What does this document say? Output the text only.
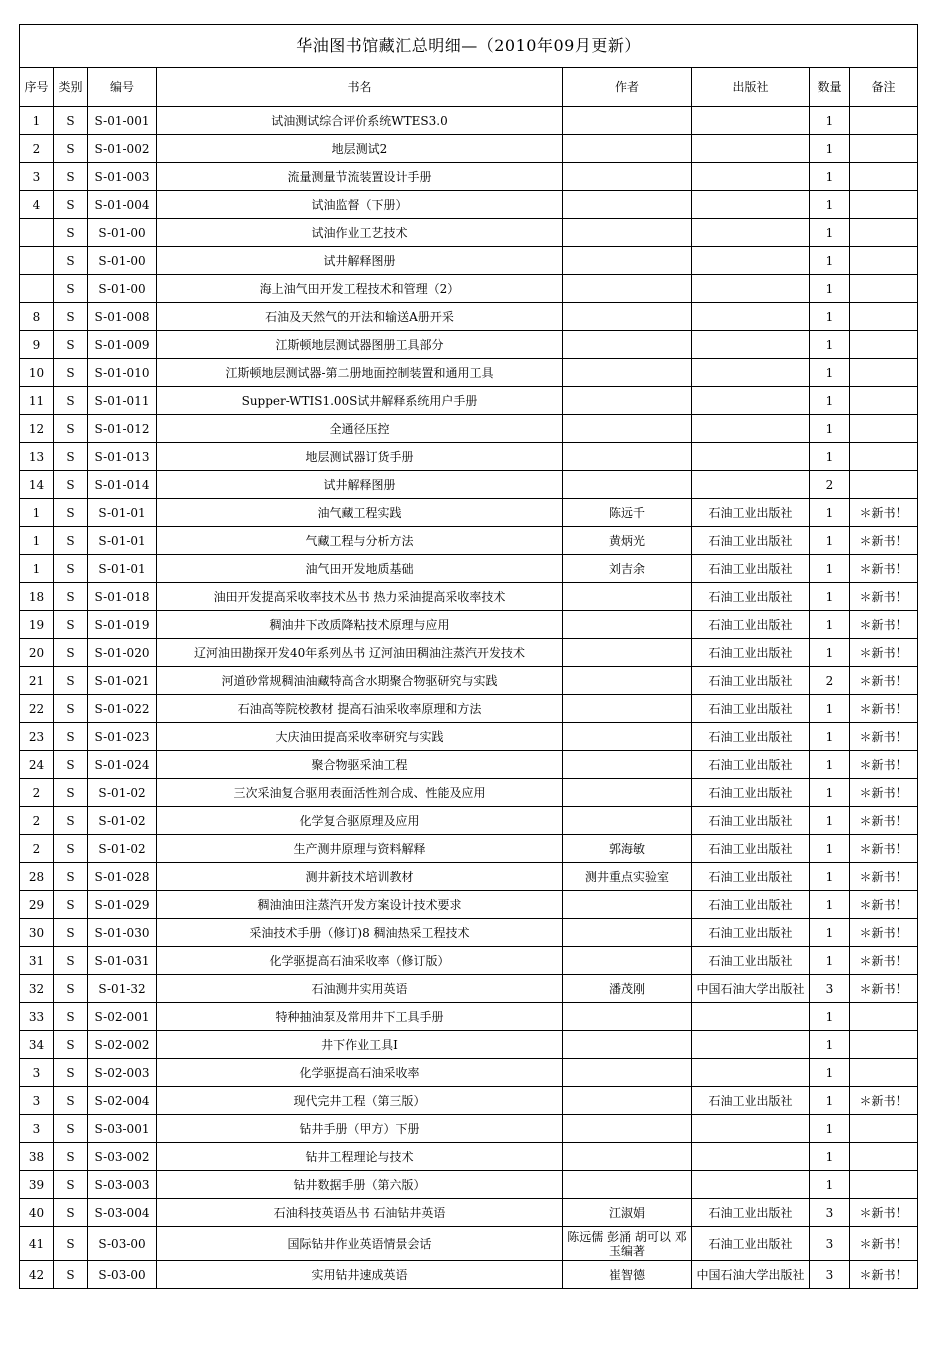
华油图书馆藏汇总明细—（2010年09月更新）							
序号	类别	编号	书名	作者	出版社	数量	备注
1	S	S-01-001	试油测试综合评价系统WTES3.0			1	
2	S	S-01-002	地层测试2			1	
3	S	S-01-003	流量测量节流装置设计手册			1	
4	S	S-01-004	试油监督（下册）			1	
	S	S-01-00	试油作业工艺技术			1	
	S	S-01-00	试井解释图册			1	
	S	S-01-00	海上油气田开发工程技术和管理（2）			1	
8	S	S-01-008	石油及天然气的开法和输送A册开采			1	
9	S	S-01-009	江斯顿地层测试器图册工具部分			1	
10	S	S-01-010	江斯顿地层测试器-第二册地面控制装置和通用工具			1	
11	S	S-01-011	Supper-WTIS1.00S试井解释系统用户手册			1	
12	S	S-01-012	全通径压控			1	
13	S	S-01-013	地层测试器订货手册			1	
14	S	S-01-014	试井解释图册			2	
1	S	S-01-01	油气藏工程实践	陈远千	石油工业出版社	1	＊新书！
1	S	S-01-01	气藏工程与分析方法	黄炳光	石油工业出版社	1	＊新书！
1	S	S-01-01	油气田开发地质基础	刘吉余	石油工业出版社	1	＊新书！
18	S	S-01-018	油田开发提高采收率技术丛书 热力采油提高采收率技术		石油工业出版社	1	＊新书！
19	S	S-01-019	稠油井下改质降粘技术原理与应用		石油工业出版社	1	＊新书！
20	S	S-01-020	辽河油田勘探开发40年系列丛书 辽河油田稠油注蒸汽开发技术		石油工业出版社	1	＊新书！
21	S	S-01-021	河道砂常规稠油油藏特高含水期聚合物驱研究与实践		石油工业出版社	2	＊新书！
22	S	S-01-022	石油高等院校教材 提高石油采收率原理和方法		石油工业出版社	1	＊新书！
23	S	S-01-023	大庆油田提高采收率研究与实践		石油工业出版社	1	＊新书！
24	S	S-01-024	聚合物驱采油工程		石油工业出版社	1	＊新书！
2	S	S-01-02	三次采油复合驱用表面活性剂合成、性能及应用		石油工业出版社	1	＊新书！
2	S	S-01-02	化学复合驱原理及应用		石油工业出版社	1	＊新书！
2	S	S-01-02	生产测井原理与资料解释	郭海敏	石油工业出版社	1	＊新书！
28	S	S-01-028	测井新技术培训教材	测井重点实验室	石油工业出版社	1	＊新书！
29	S	S-01-029	稠油油田注蒸汽开发方案设计技术要求		石油工业出版社	1	＊新书！
30	S	S-01-030	采油技术手册（修订)8 稠油热采工程技术		石油工业出版社	1	＊新书！
31	S	S-01-031	化学驱提高石油采收率（修订版）		石油工业出版社	1	＊新书！
32	S	S-01-32	石油测井实用英语	潘茂刚	中国石油大学出版社	3	＊新书！
33	S	S-02-001	特种抽油泵及常用井下工具手册			1	
34	S	S-02-002	井下作业工具I			1	
3	S	S-02-003	化学驱提高石油采收率			1	
3	S	S-02-004	现代完井工程（第三版）		石油工业出版社	1	＊新书！
3	S	S-03-001	钻井手册（甲方）下册			1	
38	S	S-03-002	钻井工程理论与技术			1	
39	S	S-03-003	钻井数据手册（第六版）			1	
40	S	S-03-004	石油科技英语丛书 石油钻井英语	江淑娟	石油工业出版社	3	＊新书！
41	S	S-03-00	国际钻井作业英语情景会话	陈远儒 彭涌 胡可以 邓玉编著	石油工业出版社	3	＊新书！
42	S	S-03-00	实用钻井速成英语	崔智德	中国石油大学出版社	3	＊新书！
